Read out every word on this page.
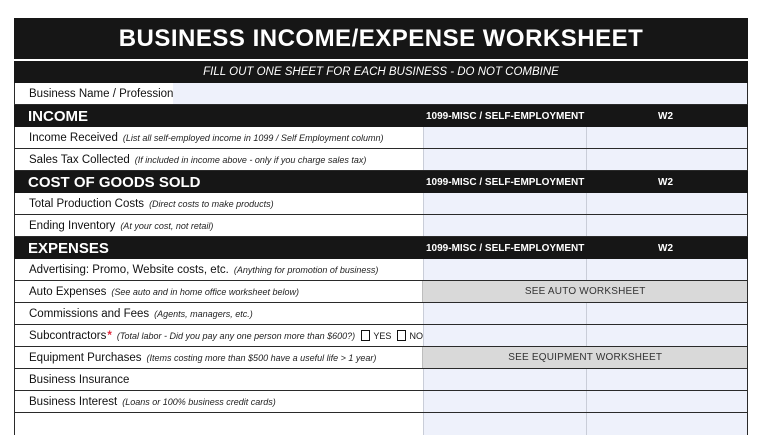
BUSINESS INCOME/EXPENSE WORKSHEET
FILL OUT ONE SHEET FOR EACH BUSINESS - DO NOT COMBINE
Business Name / Profession
INCOME	1099-MISC / SELF-EMPLOYMENT	W2
Income Received (List all self-employed income in 1099 / Self Employment column)
Sales Tax Collected (If included in income above - only if you charge sales tax)
COST OF GOODS SOLD	1099-MISC / SELF-EMPLOYMENT	W2
Total Production Costs (Direct costs to make products)
Ending Inventory (At your cost, not retail)
EXPENSES	1099-MISC / SELF-EMPLOYMENT	W2
Advertising: Promo, Website costs, etc. (Anything for promotion of business)
Auto Expenses (See auto and in home office worksheet below)	SEE AUTO WORKSHEET
Commissions and Fees (Agents, managers, etc.)
Subcontractors * (Total labor - Did you pay any one person more than $600?) YES NO
Equipment Purchases (Items costing more than $500 have a useful life > 1 year)	SEE EQUIPMENT WORKSHEET
Business Insurance
Business Interest (Loans or 100% business credit cards)
